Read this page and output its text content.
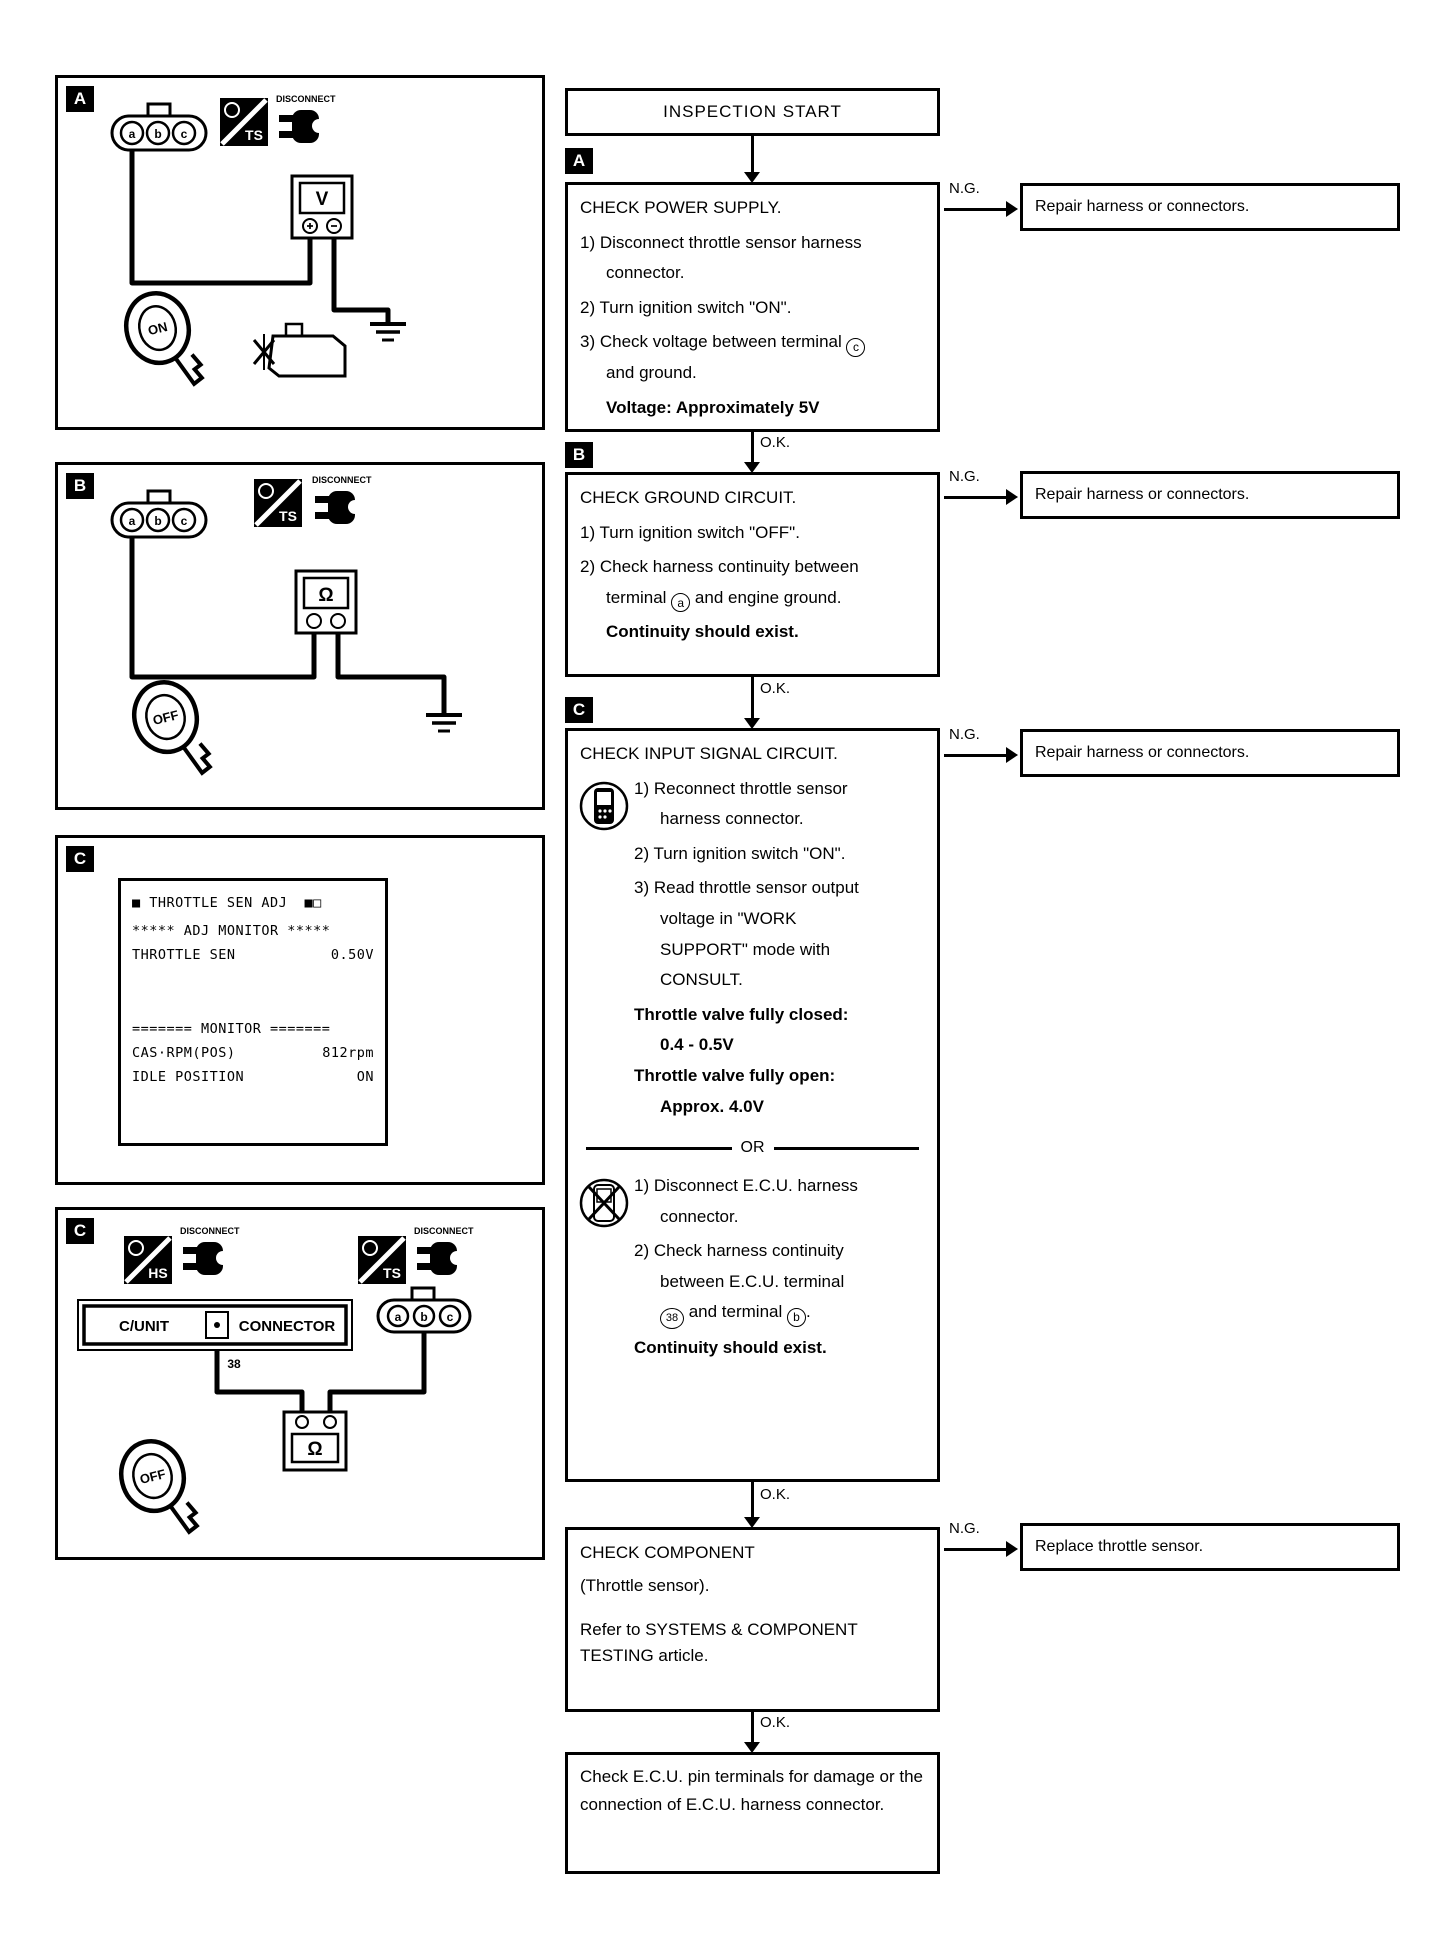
a b c	TS
DISCONNECT
V
ON
A
a b c	TS
DISCONNECT
Ω
OFF
B
C
■ THROTTLE SEN ADJ  ■□
***** ADJ MONITOR *****
THROTTLE SEN	0.50V
======= MONITOR =======
CAS·RPM(POS)	812rpm
IDLE POSITION	ON
HS
DISCONNECT
TS
DISCONNECT
C/UNIT	CONNECTOR
38
a b c
Ω
OFF
C
INSPECTION START
A
CHECK POWER SUPPLY.
1) Disconnect throttle sensor harness connector.
2) Turn ignition switch "ON".
3) Check voltage between terminal c and ground.
Voltage: Approximately 5V
N.G.
Repair harness or connectors.
O.K.
B
CHECK GROUND CIRCUIT.
1) Turn ignition switch "OFF".
2) Check harness continuity between terminal a and engine ground.
Continuity should exist.
N.G.
Repair harness or connectors.
O.K.
C
CHECK INPUT SIGNAL CIRCUIT.
1) Reconnect throttle sensor harness connector.
2) Turn ignition switch "ON".
3) Read throttle sensor output voltage in "WORK SUPPORT" mode with CONSULT.
Throttle valve fully closed:
0.4 - 0.5V
Throttle valve fully open:
Approx. 4.0V
OR
1) Disconnect E.C.U. harness connector.
2) Check harness continuity between E.C.U. terminal 38 and terminal b .
Continuity should exist.
N.G.
Repair harness or connectors.
O.K.
CHECK COMPONENT
(Throttle sensor).
Refer to SYSTEMS & COMPONENT TESTING article.
N.G.
Replace throttle sensor.
O.K.
Check E.C.U. pin terminals for damage or the connection of E.C.U. harness connector.
